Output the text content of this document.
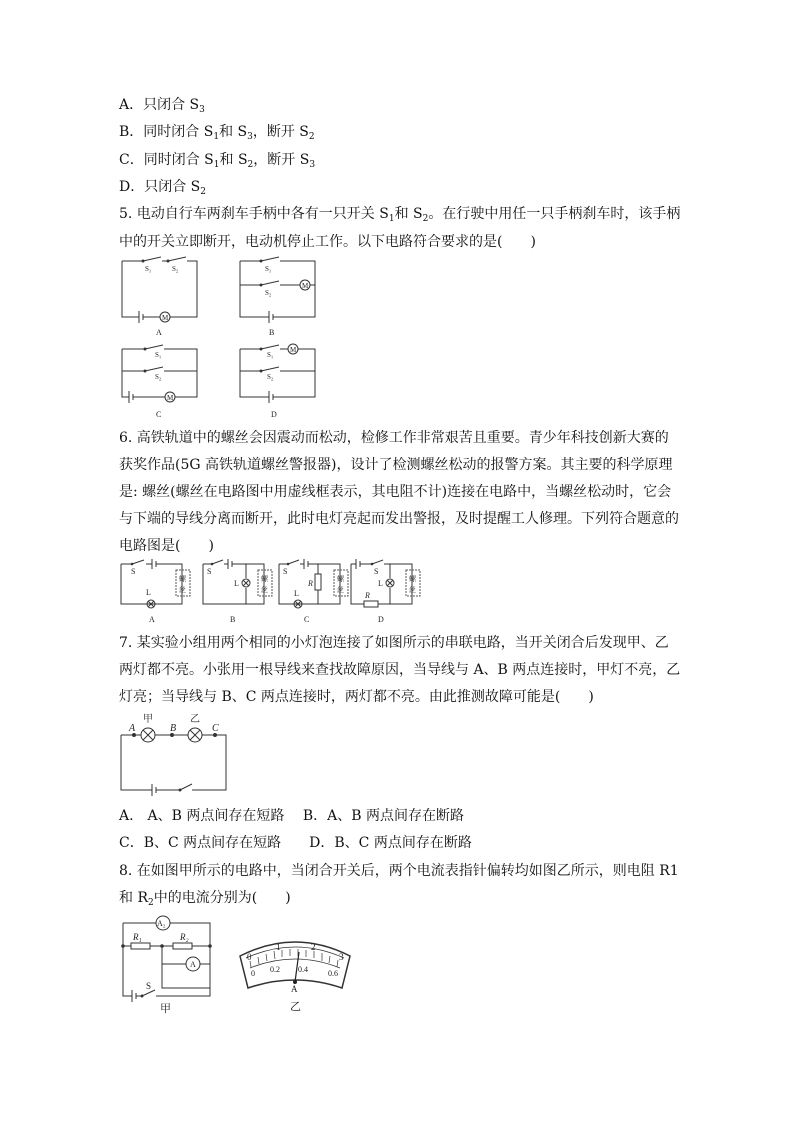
A．只闭合 $S_3$
B．同时闭合 $S_1$和 $S_3$，断开 $S_2$
C．同时闭合 $S_1$和 $S_2$，断开 $S_3$
D．只闭合 $S_2$
5. 电动自行车两刹车手柄中各有一只开关 $S_1$和 $S_2$。在行驶中用任一只手柄刹车时，该手柄
中的开关立即断开，电动机停止工作。以下电路符合要求的是(　　)
S₁	S₂
M
A
S₁
S₂
M
B
S₁
S₂
M
C
S₁
S₂
M
D
6. 高铁轨道中的螺丝会因震动而松动，检修工作非常艰苦且重要。青少年科技创新大赛的
获奖作品(5G 高铁轨道螺丝警报器)，设计了检测螺丝松动的报警方案。其主要的科学原理
是: 螺丝(螺丝在电路图中用虚线框表示，其电阻不计)连接在电路中，当螺丝松动时，它会
与下端的导线分离而断开，此时电灯亮起而发出警报，及时提醒工人修理。下列符合题意的
电路图是(　　)
螺
丝
S
L
A
L	螺
丝
S
B
R	螺
丝
L
S
C
L
R
螺
丝
S
D
7. 某实验小组用两个相同的小灯泡连接了如图所示的串联电路，当开关闭合后发现甲、乙
两灯都不亮。小张用一根导线来查找故障原因，当导线与 A、B 两点连接时，甲灯不亮，乙
灯亮；当导线与 B、C 两点连接时，两灯都不亮。由此推测故障可能是(　　)
A	B	C
甲	乙
A.　A、B 两点间存在短路　 B．A、B 两点间存在断路
C．B、C 两点间存在短路　　D．B、C 两点间存在断路
8. 在如图甲所示的电路中，当闭合开关后，两个电流表指针偏转均如图乙所示，则电阻 R1
和 $R_2$中的电流分别为(　　)
A₂
R₁	R₂
A
S
甲
0
1	2
3
0 0.2 0.4	0.6
A
乙
